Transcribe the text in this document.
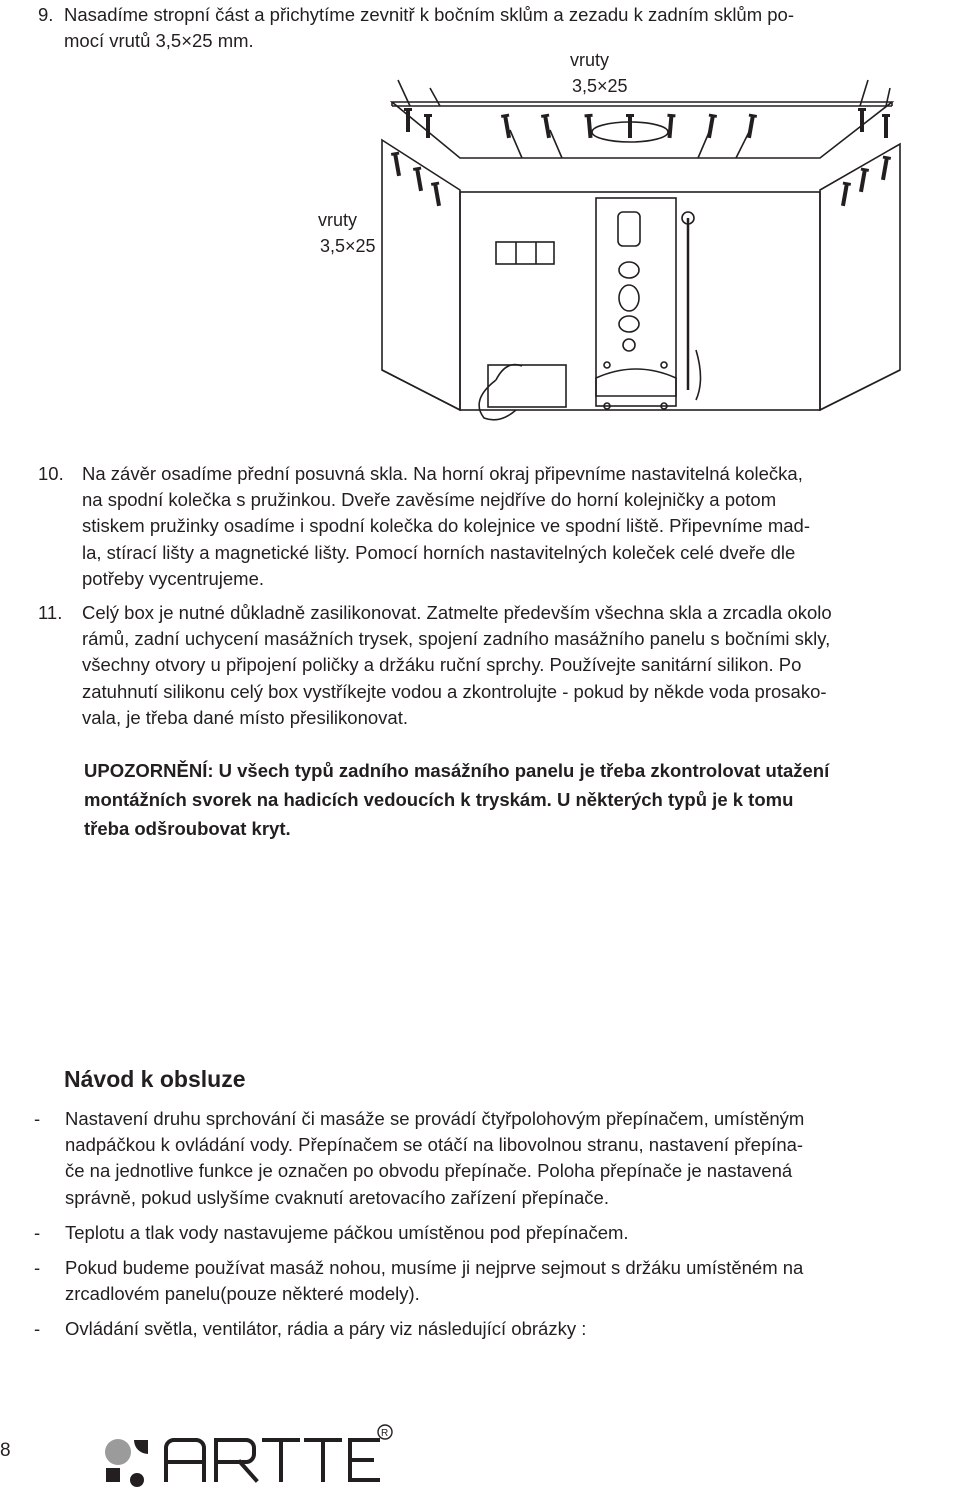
9. Nasadíme stropní část a přichytíme zevnitř k bočním sklům a zezadu k zadním sklům po-
mocí vrutů 3,5×25 mm.
vruty
3,5×25
vruty
3,5×25
10. Na závěr osadíme přední posuvná skla. Na horní okraj připevníme nastavitelná kolečka,
na spodní kolečka s pružinkou. Dveře zavěsíme nejdříve do horní kolejničky a potom
stiskem pružinky osadíme i spodní kolečka do kolejnice ve spodní liště. Připevníme mad-
la, stírací lišty a magnetické lišty. Pomocí horních nastavitelných koleček celé dveře dle
potřeby vycentrujeme.
11. Celý box je nutné důkladně zasilikonovat. Zatmelte především všechna skla a zrcadla okolo
rámů, zadní uchycení masážních trysek, spojení zadního masážního panelu s bočními skly,
všechny otvory u připojení poličky a držáku ruční sprchy. Používejte sanitární silikon. Po
zatuhnutí silikonu celý box vystříkejte vodou a zkontrolujte - pokud by někde voda prosako-
vala, je třeba dané místo přesilikonovat.
UPOZORNĚNÍ: U všech typů zadního masážního panelu je třeba zkontrolovat utažení
montážních svorek na hadicích vedoucích k tryskám. U některých typů je k tomu
třeba odšroubovat kryt.
Návod k obsluze
- Nastavení druhu sprchování či masáže se provádí čtyřpolohovým přepínačem, umístěným
nadpáčkou k ovládání vody. Přepínačem se otáčí na libovolnou stranu, nastavení přepína-
če na jednotlive funkce je označen po obvodu přepínače. Poloha přepínače je nastavená
správně, pokud uslyšíme cvaknutí aretovacího zařízení přepínače.
- Teplotu a tlak vody nastavujeme páčkou umístěnou pod přepínačem.
- Pokud budeme používat masáž nohou, musíme ji nejprve sejmout s držáku umístěném na
zrcadlovém panelu(pouze některé modely).
- Ovládání světla, ventilátor, rádia a páry viz následující obrázky :
8
R
ARTEC
